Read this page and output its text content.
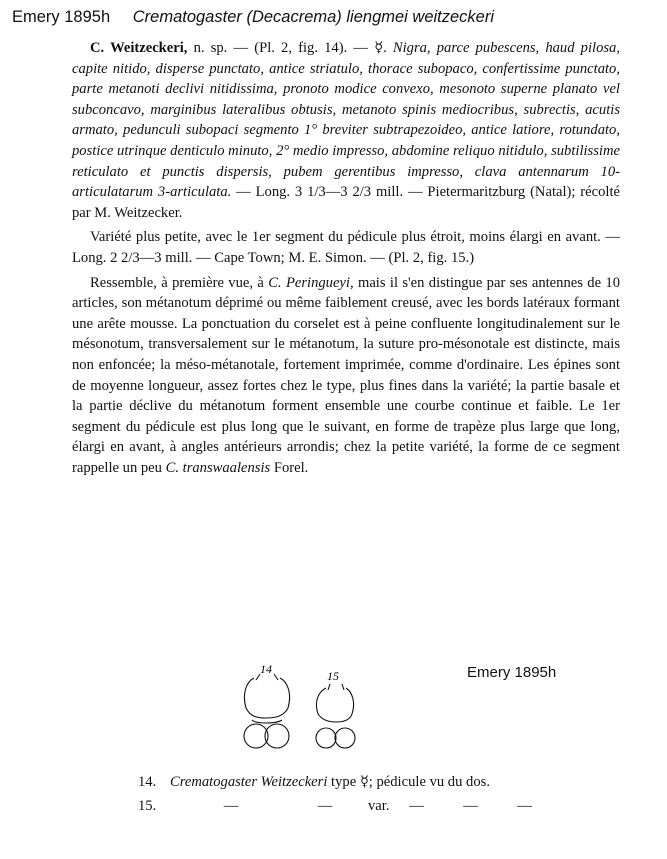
Emery 1895h Crematogaster (Decacrema) liengmei weitzeckeri

C. Weitzeckeri, n. sp. — (Pl. 2, fig. 14). — ☿. Nigra, parce pubescens, haud pilosa, capite nitido, disperse punctato, antice striatulo, thorace subopaco, confertissime punctato, parte metanoti declivi nitidissima, pronoto modice convexo, mesonoto superne planato vel subconcavo, marginibus lateralibus obtusis, metanoto spinis mediocribus, subrectis, acutis armato, pedunculi subopaci segmento 1° breviter subtrapezoideo, antice latiore, rotundato, postice utrinque denticulo minuto, 2° medio impresso, abdomine reliquo nitidulo, subtilissime reticulato et punctis dispersis, pubem gerentibus impresso, clava antennarum 10-articulatarum 3-articulata. — Long. 3 1/3—3 2/3 mill. — Pietermaritzburg (Natal); récolté par M. Weitzecker.

Variété plus petite, avec le 1er segment du pédicule plus étroit, moins élargi en avant. — Long. 2 2/3—3 mill. — Cape Town; M. E. Simon. — (Pl. 2, fig. 15.)

Ressemble, à première vue, à C. Peringueyi, mais il s'en distingue par ses antennes de 10 articles, son métanotum déprimé ou même faiblement creusé, avec les bords latéraux formant une arête mousse. La ponctuation du corselet est à peine confluente longitudinalement sur le mésonotum, transversalement sur le métanotum, la suture pro-mésonotale est distincte, mais non enfoncée; la méso-métanotale, fortement imprimée, comme d'ordinaire. Les épines sont de moyenne longueur, assez fortes chez le type, plus fines dans la variété; la partie basale et la partie déclive du métanotum forment ensemble une courbe continue et faible. Le 1er segment du pédicule est plus long que le suivant, en forme de trapèze plus large que long, élargi en avant, à angles antérieurs arrondis; chez la petite variété, la forme de ce segment rappelle un peu C. transwaalensis Forel.

14	15	Emery 1895h
14. Crematogaster Weitzeckeri type ☿; pédicule vu du dos.
15.	—	— var. —	—	—
